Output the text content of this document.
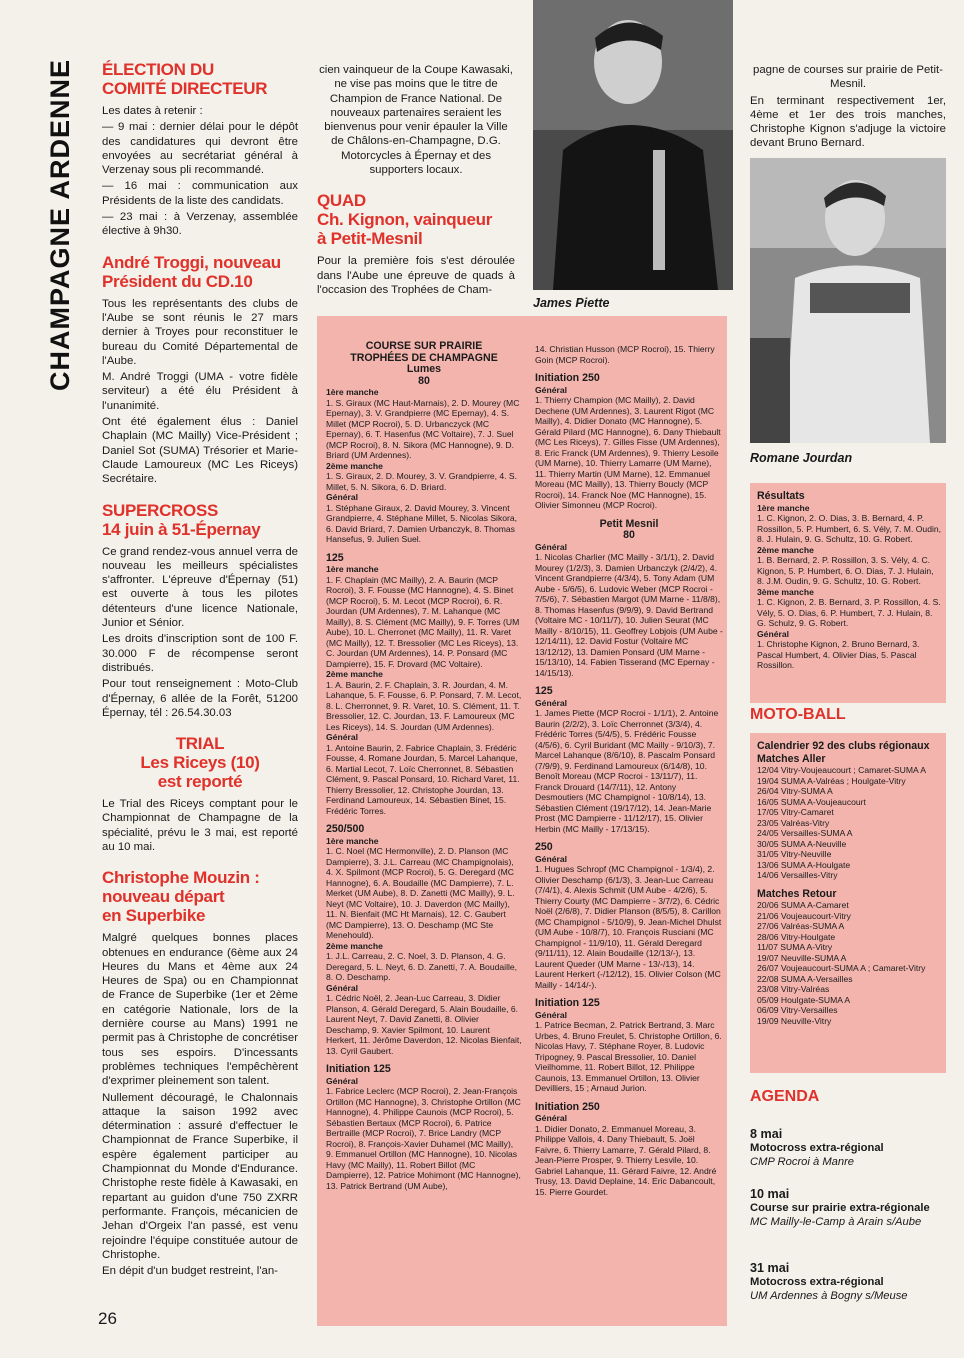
CHAMPAGNE ARDENNE ÉLECTION DU
COMITÉ DIRECTEUR

Les dates à retenir :

— 9 mai : dernier délai pour le dépôt des candidatures qui devront être envoyées au secrétariat général à Verzenay sous pli recommandé.

— 16 mai : communication aux Présidents de la liste des candidats.

— 23 mai : à Verzenay, assemblée élective à 9h30.

André Troggi, nouveau
Président du CD.10

Tous les représentants des clubs de l'Aube se sont réunis le 27 mars dernier à Troyes pour reconstituer le bureau du Comité Départemental de l'Aube.

M. André Troggi (UMA - votre fidèle serviteur) a été élu Président à l'unanimité.

Ont été également élus : Daniel Chaplain (MC Mailly) Vice-Président ; Daniel Sot (SUMA) Trésorier et Marie-Claude Lamoureux (MC Les Riceys) Secrétaire.

SUPERCROSS
14 juin à 51-Épernay

Ce grand rendez-vous annuel verra de nouveau les meilleurs spécialistes s'affronter. L'épreuve d'Épernay (51) est ouverte à tous les pilotes détenteurs d'une licence Nationale, Junior et Sénior.

Les droits d'inscription sont de 100 F. 30.000 F de récompense seront distribués.

Pour tout renseignement : Moto-Club d'Épernay, 6 allée de la Forêt, 51200 Épernay, tél : 26.54.30.03

TRIAL
Les Riceys (10)
est reporté

Le Trial des Riceys comptant pour le Championnat de Champagne de la spécialité, prévu le 3 mai, est reporté au 10 mai.

Christophe Mouzin :
nouveau départ
en Superbike

Malgré quelques bonnes places obtenues en endurance (6ème aux 24 Heures du Mans et 4ème aux 24 Heures de Spa) ou en Championnat de France de Superbike (1er et 2ème en catégorie Nationale, lors de la dernière course au Mans) 1991 ne permit pas à Christophe de concrétiser tous ses espoirs. D'incessants problèmes techniques l'empêchèrent d'exprimer pleinement son talent.

Nullement découragé, le Chalonnais attaque la saison 1992 avec détermination : assuré d'effectuer le Championnat de France Superbike, il espère également participer au Championnat du Monde d'Endurance. Christophe reste fidèle à Kawasaki, en repartant au guidon d'une 750 ZXRR performante. François, mécanicien de Jehan d'Orgeix l'an passé, est venu rejoindre l'équipe constituée autour de Christophe.

En dépit d'un budget restreint, l'an-

cien vainqueur de la Coupe Kawasaki, ne vise pas moins que le titre de Champion de France National. De nouveaux partenaires seraient les bienvenus pour venir épauler la Ville de Châlons-en-Champagne, D.G. Motorcycles à Épernay et des supporters locaux.

QUAD
Ch. Kignon, vainqueur
à Petit-Mesnil

Pour la première fois s'est déroulée dans l'Aube une épreuve de quads à l'occasion des Trophées de Cham-

James Piette

pagne de courses sur prairie de Petit-Mesnil.

En terminant respectivement 1er, 4ème et 1er des trois manches, Christophe Kignon s'adjuge la victoire devant Bruno Bernard.

Romane Jourdan
COURSE SUR PRAIRIE
TROPHÉES DE CHAMPAGNE
Lumes
80

1ère manche

1. S. Giraux (MC Haut-Marnais), 2. D. Mourey (MC Epernay), 3. V. Grandpierre (MC Epernay), 4. S. Millet (MCP Rocroi), 5. D. Urbanczyck (MC Epernay), 6. T. Hasenfus (MC Voltaire), 7. J. Suel (MCP Rocroi), 8. N. Sikora (MC Hannogne), 9. D. Briard (UM Ardennes).

2ème manche

1. S. Giraux, 2. D. Mourey, 3. V. Grandpierre, 4. S. Millet, 5. N. Sikora, 6. D. Briard.

Général

1. Stéphane Giraux, 2. David Mourey, 3. Vincent Grandpierre, 4. Stéphane Millet, 5. Nicolas Sikora, 6. David Briard, 7. Damien Urbanczyk, 8. Thomas Hansefus, 9. Julien Suel.

125

1ère manche

1. F. Chaplain (MC Mailly), 2. A. Baurin (MCP Rocroi), 3. F. Fousse (MC Hannogne), 4. S. Binet (MCP Rocroi), 5. M. Lecot (MCP Rocroi), 6. R. Jourdan (UM Ardennes), 7. M. Lahanque (MC Mailly), 8. S. Clément (MC Mailly), 9. F. Torres (UM Aube), 10. L. Cherronet (MC Mailly), 11. R. Varet (MC Mailly), 12. T. Bressolier (MC Les Riceys), 13. C. Jourdan (UM Ardennes), 14. P. Ponsard (MC Dampierre), 15. F. Drovard (MC Voltaire).

2ème manche

1. A. Baurin, 2. F. Chaplain, 3. R. Jourdan, 4. M. Lahanque, 5. F. Fousse, 6. P. Ponsard, 7. M. Lecot, 8. L. Cherronnet, 9. R. Varet, 10. S. Clément, 11. T. Bressolier, 12. C. Jourdan, 13. F. Lamoureux (MC Les Riceys), 14. S. Jourdan (UM Ardennes).

Général

1. Antoine Baurin, 2. Fabrice Chaplain, 3. Frédéric Fousse, 4. Romane Jourdan, 5. Marcel Lahanque, 6. Martial Lecot, 7. Loïc Cherronnet, 8. Sébastien Clément, 9. Pascal Ponsard, 10. Richard Varet, 11. Thierry Bressolier, 12. Christophe Jourdan, 13. Ferdinand Lamoureux, 14. Sébastien Binet, 15. Frédéric Torres.

250/500

1ère manche

1. C. Noel (MC Hermonville), 2. D. Planson (MC Dampierre), 3. J.L. Carreau (MC Champignolais), 4. X. Spilmont (MCP Rocroi), 5. G. Deregard (MC Hannogne), 6. A. Boudaille (MC Dampierre), 7. L. Merket (UM Aube), 8. D. Zanetti (MC Mailly), 9. L. Neyt (MC Voltaire), 10. J. Daverdon (MC Mailly), 11. N. Bienfait (MC Ht Marnais), 12. C. Gaubert (MC Dampierre), 13. O. Deschamp (MC Ste Menehould).

2ème manche

1. J.L. Carreau, 2. C. Noel, 3. D. Planson, 4. G. Deregard, 5. L. Neyt, 6. D. Zanetti, 7. A. Boudaille, 8. O. Deschamp.

Général

1. Cédric Noël, 2. Jean-Luc Carreau, 3. Didier Planson, 4. Gérald Deregard, 5. Alain Boudaille, 6. Laurent Neyt, 7. David Zanetti, 8. Olivier Deschamp, 9. Xavier Spilmont, 10. Laurent Herkert, 11. Jérôme Daverdon, 12. Nicolas Bienfait, 13. Cyril Gaubert.

Initiation 125

Général

1. Fabrice Leclerc (MCP Rocroi), 2. Jean-François Ortillon (MC Hannogne), 3. Christophe Ortillon (MC Hannogne), 4. Philippe Caunois (MCP Rocroi), 5. Sébastien Bertaux (MCP Rocroi), 6. Patrice Bertraille (MCP Rocroi), 7. Brice Landry (MCP Rocroi), 8. François-Xavier Duhamel (MC Mailly), 9. Emmanuel Ortillon (MC Hannogne), 10. Nicolas Havy (MC Mailly), 11. Robert Billot (MC Dampierre), 12. Patrice Mohimont (MC Hannogne), 13. Patrick Bertrand (UM Aube),

14. Christian Husson (MCP Rocroi), 15. Thierry Goin (MCP Rocroi).

Initiation 250

Général

1. Thierry Champion (MC Mailly), 2. David Dechene (UM Ardennes), 3. Laurent Rigot (MC Mailly), 4. Didier Donato (MC Hannogne), 5. Gérald Pilard (MC Hannogne), 6. Dany Thiebault (MC Les Riceys), 7. Gilles Fisse (UM Ardennes), 8. Eric Franck (UM Ardennes), 9. Thierry Lesoile (UM Marne), 10. Thierry Lamarre (UM Marne), 11. Thierry Martin (UM Marne), 12. Emmanuel Moreau (MC Mailly), 13. Thierry Boucly (MCP Rocroi), 14. Franck Noe (MC Hannogne), 15. Olivier Simonneu (MCP Rocroi).

Petit Mesnil
80

Général

1. Nicolas Charlier (MC Mailly - 3/1/1), 2. David Mourey (1/2/3), 3. Damien Urbanczyk (2/4/2), 4. Vincent Grandpierre (4/3/4), 5. Tony Adam (UM Aube - 5/6/5), 6. Ludovic Weber (MCP Rocroi - 7/5/6), 7. Sébastien Margot (UM Marne - 11/8/8), 8. Thomas Hasenfus (9/9/9), 9. David Bertrand (Voltaire MC - 10/11/7), 10. Julien Seurat (MC Mailly - 8/10/15), 11. Geoffrey Lobjois (UM Aube - 12/14/11), 12. David Fostur (Voltaire MC 13/12/12), 13. Damien Ponsard (UM Marne - 15/13/10), 14. Fabien Tisserand (MC Epernay - 14/15/13).

125

Général

1. James Piette (MCP Rocroi - 1/1/1), 2. Antoine Baurin (2/2/2), 3. Loïc Cherronnet (3/3/4), 4. Frédéric Torres (5/4/5), 5. Frédéric Fousse (4/5/6), 6. Cyril Buridant (MC Mailly - 9/10/3), 7. Marcel Lahanque (8/6/10), 8. Pascalm Ponsard (7/9/9), 9. Ferdinand Lamoureux (6/14/8), 10. Benoît Moreau (MCP Rocroi - 13/11/7), 11. Franck Drouard (14/7/11), 12. Antony Desmoutiers (MC Champignol - 10/8/14), 13. Sébastien Clément (19/17/12), 14. Jean-Marie Prost (MC Dampierre - 11/12/17), 15. Olivier Herbin (MC Mailly - 17/13/15).

250

Général

1. Hugues Schropf (MC Champignol - 1/3/4), 2. Olivier Deschamp (6/1/3), 3. Jean-Luc Carreau (7/4/1), 4. Alexis Schmit (UM Aube - 4/2/6), 5. Thierry Courty (MC Dampierre - 3/7/2), 6. Cédric Noël (2/6/8), 7. Didier Planson (8/5/5), 8. Carillon (MC Champignol - 5/10/9), 9. Jean-Michel Dhulst (UM Aube - 10/8/7), 10. François Rusciani (MC Champignol - 11/9/10), 11. Gérald Deregard (9/11/11), 12. Alain Boudaille (12/13/-), 13. Laurent Queder (UM Marne - 13/-/13), 14. Laurent Herkert (-/12/12), 15. Olivier Colson (MC Mailly - 14/14/-).

Initiation 125

Général

1. Patrice Becman, 2. Patrick Bertrand, 3. Marc Urbes, 4. Bruno Freulet, 5. Christophe Ortillon, 6. Nicolas Havy, 7. Stéphane Royer, 8. Ludovic Tripogney, 9. Pascal Bressolier, 10. Daniel Vieilhomme, 11. Robert Billot, 12. Philippe Caunois, 13. Emmanuel Ortillon, 13. Olivier Devilliers, 15 ; Arnaud Jurion.

Initiation 250

Général

1. Didier Donato, 2. Emmanuel Moreau, 3. Philippe Vallois, 4. Dany Thiebault, 5. Joël Faivre, 6. Thierry Lamarre, 7. Gérald Pilard, 8. Jean-Pierre Prosper, 9. Thierry Lesvile, 10. Gabriel Lahanque, 11. Gérard Faivre, 12. André Trusy, 13. David Deplaine, 14. Eric Dabancoult, 15. Pierre Gourdet.

Résultats

1ère manche

1. C. Kignon, 2. O. Dias, 3. B. Bernard, 4. P. Rossillon, 5. P. Humbert, 6. S. Vély, 7. M. Oudin, 8. J. Hulain, 9. G. Schultz, 10. G. Robert.

2ème manche

1. B. Bernard, 2. P. Rossillon, 3. S. Vély, 4. C. Kignon, 5. P. Humbert, 6. O. Dias, 7. J. Hulain, 8. J.M. Oudin, 9. G. Schultz, 10. G. Robert.

3ème manche

1. C. Kignon, 2. B. Bernard, 3. P. Rossillon, 4. S. Vély, 5. O. Dias, 6. P. Humbert, 7. J. Hulain, 8. G. Schulz, 9. G. Robert.

Général

1. Christophe Kignon, 2. Bruno Bernard, 3. Pascal Humbert, 4. Olivier Dias, 5. Pascal Rossillon.

MOTO-BALL
Calendrier 92 des clubs régionaux
Matches Aller

12/04 Vitry-Voujeaucourt ; Camaret-SUMA A

19/04 SUMA A-Valréas ; Houlgate-Vitry

26/04 Vitry-SUMA A

16/05 SUMA A-Voujeaucourt

17/05 Vitry-Camaret

23/05 Valréas-Vitry

24/05 Versailles-SUMA A

30/05 SUMA A-Neuville

31/05 Vitry-Neuville

13/06 SUMA A-Houlgate

14/06 Versailles-Vitry

Matches Retour

20/06 SUMA A-Camaret

21/06 Voujeaucourt-Vitry

27/06 Valréas-SUMA A

28/06 Vitry-Houlgate

11/07 SUMA A-Vitry

19/07 Neuville-SUMA A

26/07 Voujeaucourt-SUMA A ; Camaret-Vitry

22/08 SUMA A-Versailles

23/08 Vitry-Valréas

05/09 Houlgate-SUMA A

06/09 Vitry-Versailles

19/09 Neuville-Vitry

AGENDA
8 mai
Motocross extra-régional
CMP Rocroi à Manre
10 mai
Course sur prairie extra-régionale
MC Mailly-le-Camp à Arain s/Aube
31 mai
Motocross extra-régional
UM Ardennes à Bogny s/Meuse
26
